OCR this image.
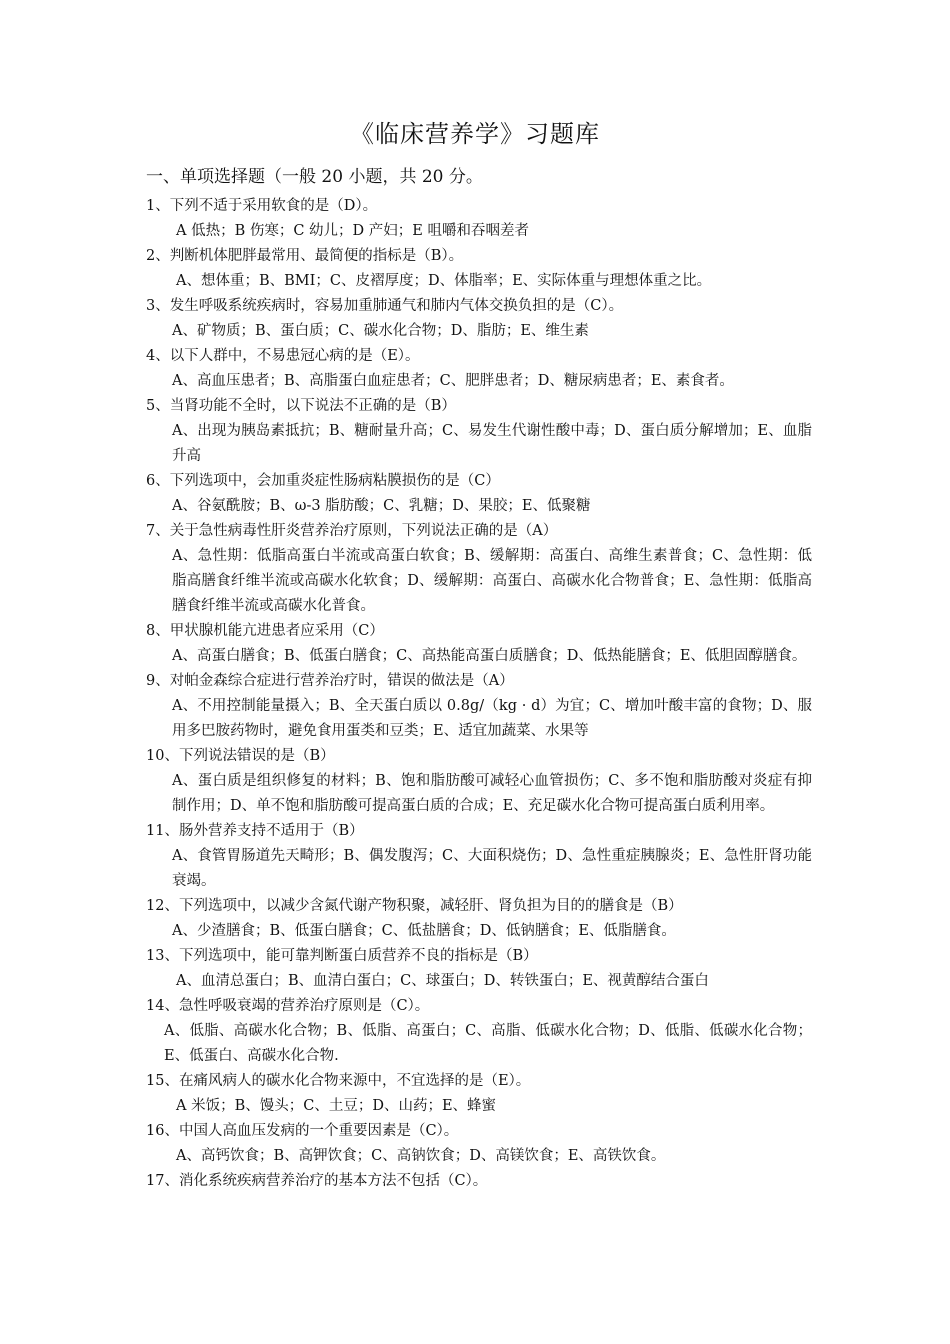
《临床营养学》习题库
一、单项选择题（一般 20 小题，共 20 分。
1、下列不适于采用软食的是（D）。
A 低热；B 伤寒；C 幼儿；D 产妇；E 咀嚼和吞咽差者
2、判断机体肥胖最常用、最简便的指标是（B）。
A、想体重；B、BMI；C、皮褶厚度；D、体脂率；E、实际体重与理想体重之比。
3、发生呼吸系统疾病时，容易加重肺通气和肺内气体交换负担的是（C）。
A、矿物质；B、蛋白质；C、碳水化合物；D、脂肪；E、维生素
4、以下人群中，不易患冠心病的是（E）。
A、高血压患者；B、高脂蛋白血症患者；C、肥胖患者；D、糖尿病患者；E、素食者。
5、当肾功能不全时，以下说法不正确的是（B）
A、出现为胰岛素抵抗；B、糖耐量升高；C、易发生代谢性酸中毒；D、蛋白质分解增加；E、血脂升高
6、下列选项中，会加重炎症性肠病粘膜损伤的是（C）
A、谷氨酰胺；B、ω-3 脂肪酸；C、乳糖；D、果胶；E、低聚糖
7、关于急性病毒性肝炎营养治疗原则，下列说法正确的是（A）
A、急性期：低脂高蛋白半流或高蛋白软食；B、缓解期：高蛋白、高维生素普食；C、急性期：低脂高膳食纤维半流或高碳水化软食；D、缓解期：高蛋白、高碳水化合物普食；E、急性期：低脂高膳食纤维半流或高碳水化普食。
8、甲状腺机能亢进患者应采用（C）
A、高蛋白膳食；B、低蛋白膳食；C、高热能高蛋白质膳食；D、低热能膳食；E、低胆固醇膳食。
9、对帕金森综合症进行营养治疗时，错误的做法是（A）
A、不用控制能量摄入；B、全天蛋白质以 0.8g/（kg · d）为宜；C、增加叶酸丰富的食物；D、服用多巴胺药物时，避免食用蛋类和豆类；E、适宜加蔬菜、水果等
10、下列说法错误的是（B）
A、蛋白质是组织修复的材料；B、饱和脂肪酸可减轻心血管损伤；C、多不饱和脂肪酸对炎症有抑制作用；D、单不饱和脂肪酸可提高蛋白质的合成；E、充足碳水化合物可提高蛋白质利用率。
11、肠外营养支持不适用于（B）
A、食管胃肠道先天畸形；B、偶发腹泻；C、大面积烧伤；D、急性重症胰腺炎；E、急性肝肾功能衰竭。
12、下列选项中，以减少含氮代谢产物积聚，减轻肝、肾负担为目的的膳食是（B）
A、少渣膳食；B、低蛋白膳食；C、低盐膳食；D、低钠膳食；E、低脂膳食。
13、下列选项中，能可靠判断蛋白质营养不良的指标是（B）
A、血清总蛋白；B、血清白蛋白；C、球蛋白；D、转铁蛋白；E、视黄醇结合蛋白
14、急性呼吸衰竭的营养治疗原则是（C）。
A、低脂、高碳水化合物；B、低脂、高蛋白；C、高脂、低碳水化合物；D、低脂、低碳水化合物；E、低蛋白、高碳水化合物.
15、在痛风病人的碳水化合物来源中，不宜选择的是（E）。
A 米饭；B、馒头；C、土豆；D、山药；E、蜂蜜
16、中国人高血压发病的一个重要因素是（C）。
A、高钙饮食；B、高钾饮食；C、高钠饮食；D、高镁饮食；E、高铁饮食。
17、消化系统疾病营养治疗的基本方法不包括（C）。
